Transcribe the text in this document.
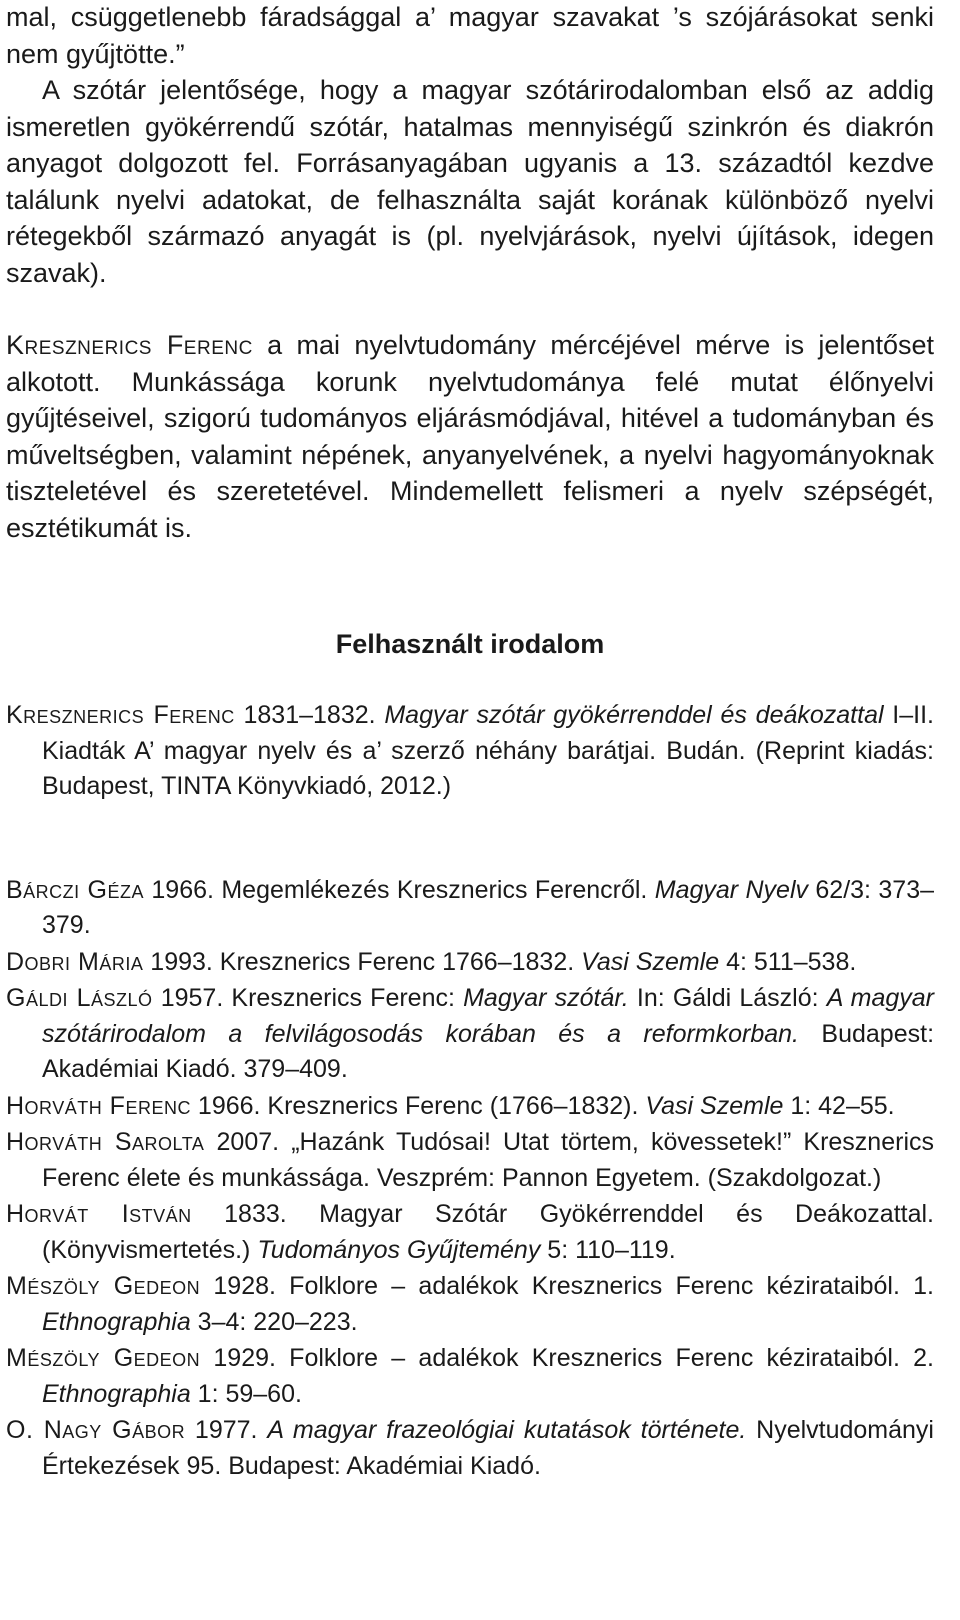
mal, csüggetlenebb fáradsággal a’ magyar szavakat ’s szójárásokat senki nem gyűjtötte.”

A szótár jelentősége, hogy a magyar szótárirodalomban első az addig ismeretlen gyökérrendű szótár, hatalmas mennyiségű szinkrón és diakrón anyagot dolgozott fel. Forrásanyagában ugyanis a 13. századtól kezdve találunk nyelvi adatokat, de felhasználta saját korának különböző nyelvi rétegekből származó anyagát is (pl. nyelvjárások, nyelvi újítások, idegen szavak).

Kresznerics Ferenc a mai nyelvtudomány mércéjével mérve is jelentőset alkotott. Munkássága korunk nyelvtudománya felé mutat élőnyelvi gyűjtéseivel, szigorú tudományos eljárásmódjával, hitével a tudományban és műveltségben, valamint népének, anyanyelvének, a nyelvi hagyományoknak tiszteletével és szeretetével. Mindemellett felismeri a nyelv szépségét, esztétikumát is.

Felhasznált irodalom

Kresznerics Ferenc 1831–1832. Magyar szótár gyökérrenddel és deákozattal I–II. Kiadták A’ magyar nyelv és a’ szerző néhány barátjai. Budán. (Reprint kiadás: Budapest, TINTA Könyvkiadó, 2012.)

Bárczi Géza 1966. Megemlékezés Kresznerics Ferencről. Magyar Nyelv 62/3: 373–379.

Dobri Mária 1993. Kresznerics Ferenc 1766–1832. Vasi Szemle 4: 511–538.

Gáldi László 1957. Kresznerics Ferenc: Magyar szótár. In: Gáldi László: A magyar szótárirodalom a felvilágosodás korában és a reformkorban. Budapest: Akadémiai Kiadó. 379–409.

Horváth Ferenc 1966. Kresznerics Ferenc (1766–1832). Vasi Szemle 1: 42–55.

Horváth Sarolta 2007. „Hazánk Tudósai! Utat törtem, kövessetek!” Kresznerics Ferenc élete és munkássága. Veszprém: Pannon Egyetem. (Szakdolgozat.)

Horvát István 1833. Magyar Szótár Gyökérrenddel és Deákozattal. (Könyvismertetés.) Tudományos Gyűjtemény 5: 110–119.

Mészöly Gedeon 1928. Folklore – adalékok Kresznerics Ferenc kézirataiból. 1. Ethnographia 3–4: 220–223.

Mészöly Gedeon 1929. Folklore – adalékok Kresznerics Ferenc kézirataiból. 2. Ethnographia 1: 59–60.

O. Nagy Gábor 1977. A magyar frazeológiai kutatások története. Nyelvtudományi Értekezések 95. Budapest: Akadémiai Kiadó.
